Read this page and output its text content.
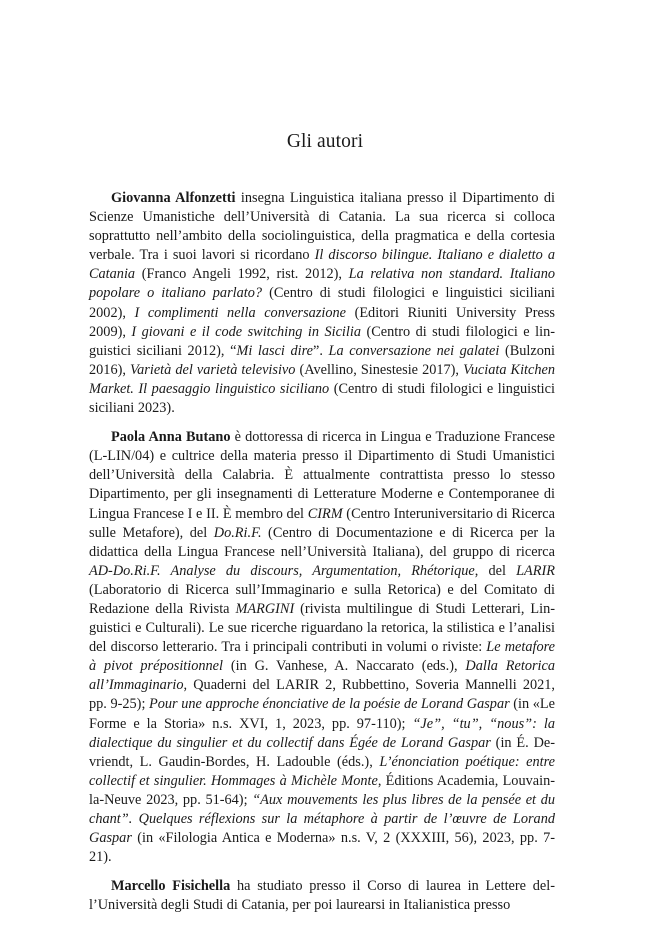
Gli autori

Giovanna Alfonzetti insegna Linguistica italiana presso il Dipartimento di Scienze Umanistiche dell’Università di Catania. La sua ricerca si colloca soprattutto nell’ambito della sociolinguistica, della pragmatica e della cortesia verbale. Tra i suoi lavori si ricordano Il discorso bilingue. Italiano e dialetto a Catania (Franco Angeli 1992, rist. 2012), La relativa non standard. Italiano popolare o italiano parlato? (Centro di studi filologici e linguistici siciliani 2002), I complimenti nella conversazione (Editori Riuniti University Press 2009), I giovani e il code switching in Sicilia (Centro di studi filologici e linguistici siciliani 2012), “Mi lasci dire”. La conversazione nei galatei (Bulzoni 2016), Varietà del varietà televisivo (Avellino, Sinestesie 2017), Vuciata Kitchen Market. Il paesaggio linguistico siciliano (Centro di studi filologici e linguistici siciliani 2023).

Paola Anna Butano è dottoressa di ricerca in Lingua e Traduzione Francese (L-LIN/04) e cultrice della materia presso il Dipartimento di Studi Umanistici dell’Università della Calabria. È attualmente contrattista presso lo stesso Dipartimento, per gli insegnamenti di Letterature Moderne e Contemporanee di Lingua Francese I e II. È membro del CIRM (Centro Interuniversitario di Ricerca sulle Metafore), del Do.Ri.F. (Centro di Documentazione e di Ricerca per la didattica della Lingua Francese nell’Università Italiana), del gruppo di ricerca AD-Do.Ri.F. Analyse du discours, Argumentation, Rhétorique, del LARIR (Laboratorio di Ricerca sull’Immaginario e sulla Retorica) e del Comitato di Redazione della Rivista MARGINI (rivista multilingue di Studi Letterari, Linguistici e Culturali). Le sue ricerche riguardano la retorica, la stilistica e l’analisi del discorso letterario. Tra i principali contributi in volumi o riviste: Le metafore à pivot prépositionnel (in G. Vanhese, A. Naccarato (eds.), Dalla Retorica all’Immaginario, Quaderni del LARIR 2, Rubbettino, Soveria Mannelli 2021, pp. 9-25); Pour une approche énonciative de la poésie de Lorand Gaspar (in «Le Forme e la Storia» n.s. XVI, 1, 2023, pp. 97-110); “Je”, “tu”, “nous”: la dialectique du singulier et du collectif dans Égée de Lorand Gaspar (in É. Devriendt, L. Gaudin-Bordes, H. Ladouble (éds.), L’énonciation poétique: entre collectif et singulier. Hommages à Michèle Monte, Éditions Academia, Louvain-la-Neuve 2023, pp. 51-64); “Aux mouvements les plus libres de la pensée et du chant”. Quelques réflexions sur la métaphore à partir de l’œuvre de Lorand Gaspar (in «Filologia Antica e Moderna» n.s. V, 2 (XXXIII, 56), 2023, pp. 7-21).

Marcello Fisichella ha studiato presso il Corso di laurea in Lettere dell’Università degli Studi di Catania, per poi laurearsi in Italianistica presso
